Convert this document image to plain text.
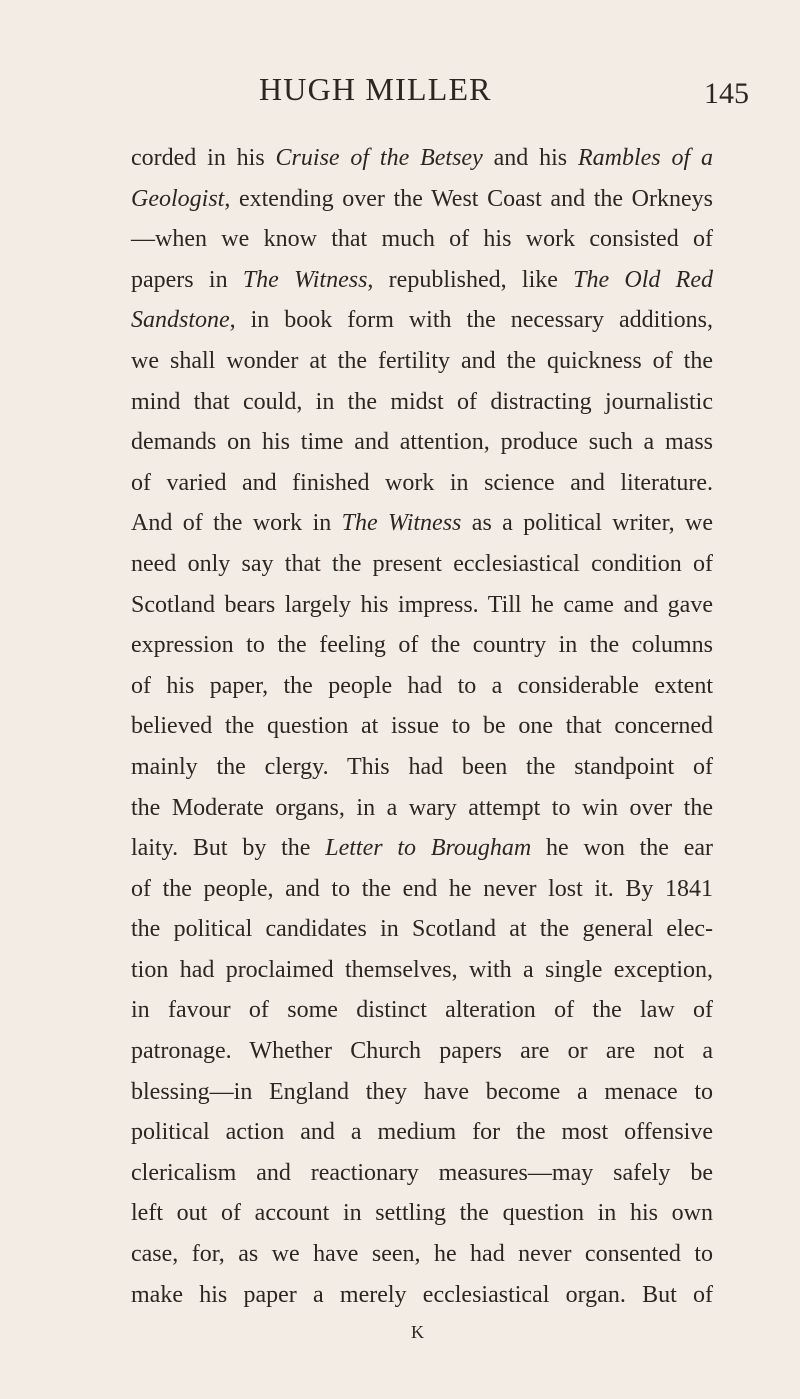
HUGH MILLER	145
corded in his Cruise of the Betsey and his Rambles of a
Geologist, extending over the West Coast and the Orkneys
—when we know that much of his work consisted of
papers in The Witness, republished, like The Old Red
Sandstone, in book form with the necessary additions,
we shall wonder at the fertility and the quickness of the
mind that could, in the midst of distracting journalistic
demands on his time and attention, produce such a mass
of varied and finished work in science and literature.
And of the work in The Witness as a political writer, we
need only say that the present ecclesiastical condition of
Scotland bears largely his impress. Till he came and gave
expression to the feeling of the country in the columns
of his paper, the people had to a considerable extent
believed the question at issue to be one that concerned
mainly the clergy. This had been the standpoint of
the Moderate organs, in a wary attempt to win over the
laity. But by the Letter to Brougham he won the ear
of the people, and to the end he never lost it. By 1841
the political candidates in Scotland at the general elec-
tion had proclaimed themselves, with a single exception,
in favour of some distinct alteration of the law of
patronage. Whether Church papers are or are not a
blessing—in England they have become a menace to
political action and a medium for the most offensive
clericalism and reactionary measures—may safely be
left out of account in settling the question in his own
case, for, as we have seen, he had never consented to
make his paper a merely ecclesiastical organ. But of
K
